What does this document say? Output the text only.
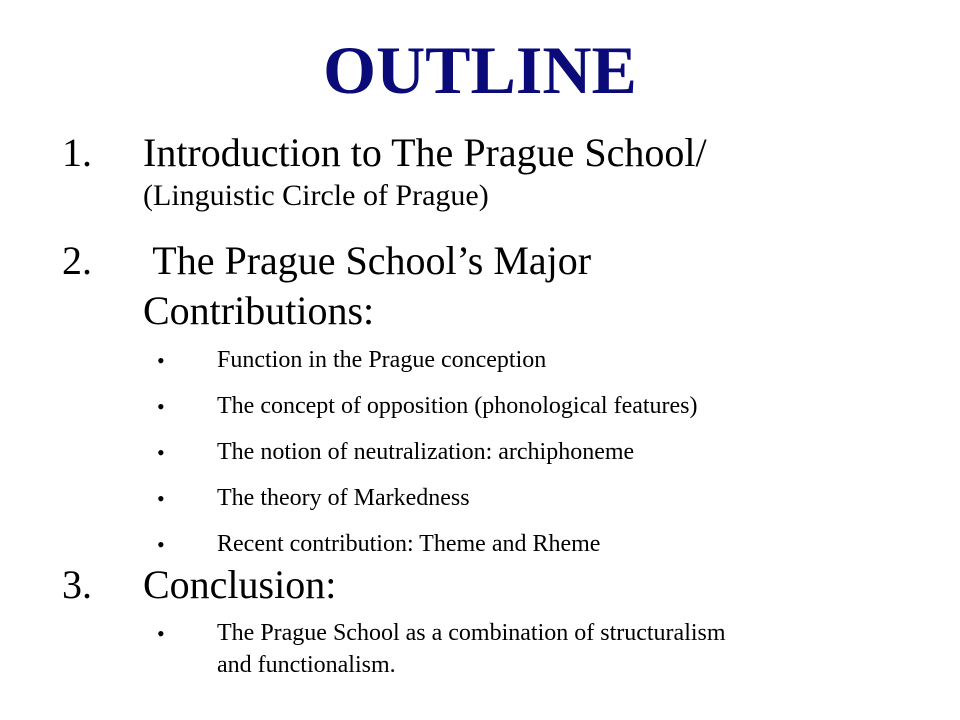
OUTLINE
1. Introduction to The Prague School/
(Linguistic Circle of Prague)
2. The Prague School’s Major
Contributions:
• Function in the Prague conception
• The concept of opposition (phonological features)
• The notion of neutralization: archiphoneme
• The theory of Markedness
• Recent contribution: Theme and Rheme
3. Conclusion:
• The Prague School as a combination of structuralism
and functionalism.
